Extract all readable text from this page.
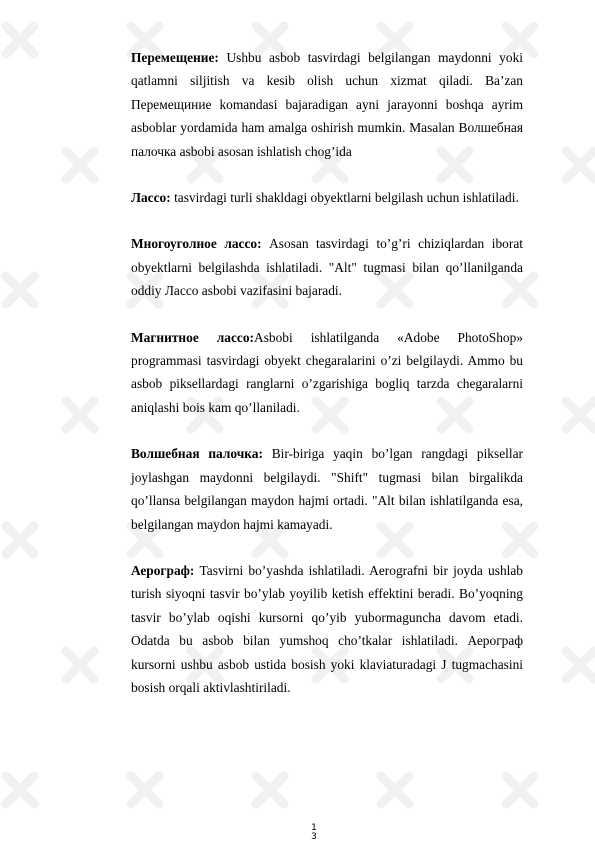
Перемещение: Ushbu asbob tasvirdagi belgilangan maydonni yoki qatlamni siljitish va kesib olish uchun xizmat qiladi. Ba’zan Перемещиние komandasi bajaradigan ayni jarayonni boshqa ayrim asboblar yordamida ham amalga oshirish mumkin. Masalan Волшебная палочка asbobi asosan ishlatish chog’ida

Лассо: tasvirdagi turli shakldagi obyektlarni belgilash uchun ishlatiladi.

Многоуголное лассо: Asosan tasvirdagi to’g’ri chiziqlardan iborat obyektlarni belgilashda ishlatiladi. "Alt" tugmasi bilan qo’llanilganda oddiy Лассо asbobi vazifasini bajaradi.

Магнитное лассо:Asbobi ishlatilganda «Adobe PhotoShop» programmasi tasvirdagi obyekt chegaralarini o’zi belgilaydi. Ammo bu asbob piksellardagi ranglarni o’zgarishiga bogliq tarzda chegaralarni aniqlashi bois kam qo’llaniladi.

Волшебная палочка: Bir-biriga yaqin bo’lgan rangdagi piksellar joylashgan maydonni belgilaydi. "Shift" tugmasi bilan birgalikda qo’llansa belgilangan maydon hajmi ortadi. "Alt bilan ishlatilganda esa, belgilangan maydon hajmi kamayadi.

Аерограф: Tasvirni bo’yashda ishlatiladi. Aerografni bir joyda ushlab turish siyoqni tasvir bo’ylab yoyilib ketish effektini beradi. Bo’yoqning tasvir bo’ylab oqishi kursorni qo’yib yubormaguncha davom etadi. Odatda bu asbob bilan yumshoq cho’tkalar ishlatiladi. Аерограф kursorni ushbu asbob ustida bosish yoki klaviaturadagi J tugmachasini bosish orqali aktivlashtiriladi.

1
3
